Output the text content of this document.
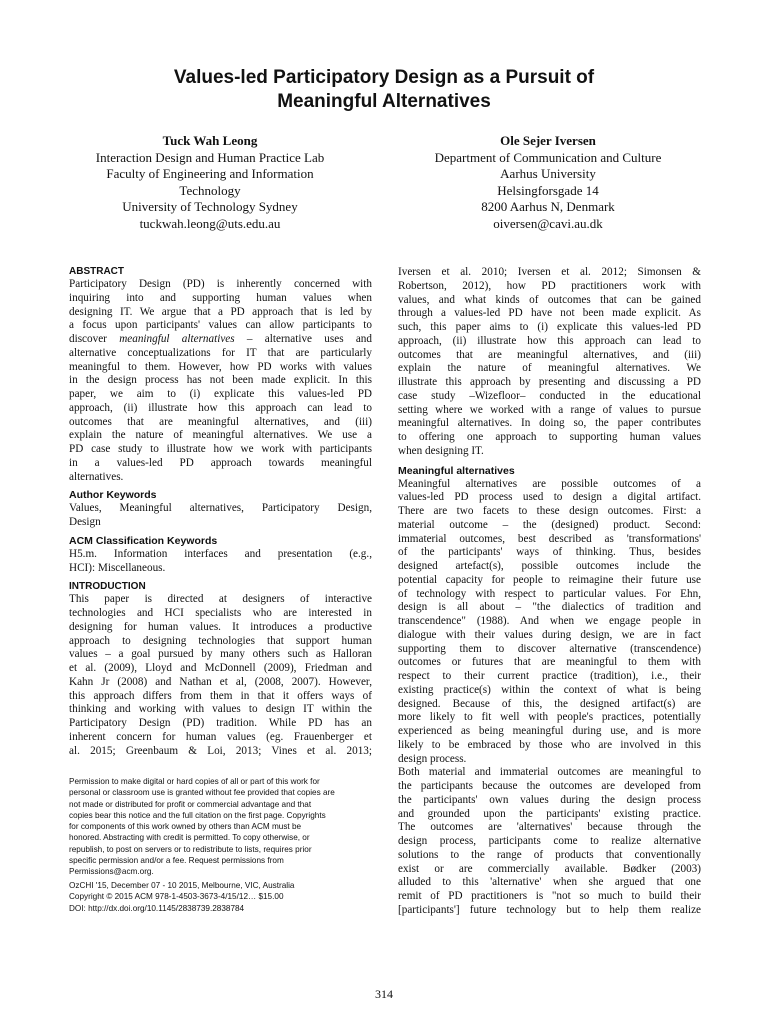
Values-led Participatory Design as a Pursuit of
Meaningful Alternatives
Tuck Wah Leong
Interaction Design and Human Practice Lab
Faculty of Engineering and Information
Technology
University of Technology Sydney
tuckwah.leong@uts.edu.au
Ole Sejer Iversen
Department of Communication and Culture
Aarhus University
Helsingforsgade 14
8200 Aarhus N, Denmark
oiversen@cavi.au.dk
ABSTRACT
Participatory Design (PD) is inherently concerned with
inquiring into and supporting human values when
designing IT. We argue that a PD approach that is led by
a focus upon participants' values can allow participants to
discover meaningful alternatives – alternative uses and
alternative conceptualizations for IT that are particularly
meaningful to them. However, how PD works with values
in the design process has not been made explicit. In this
paper, we aim to (i) explicate this values-led PD
approach, (ii) illustrate how this approach can lead to
outcomes that are meaningful alternatives, and (iii)
explain the nature of meaningful alternatives. We use a
PD case study to illustrate how we work with participants
in a values-led PD approach towards meaningful
alternatives.
Author Keywords
Values, Meaningful alternatives, Participatory Design,
Design
ACM Classification Keywords
H5.m. Information interfaces and presentation (e.g.,
HCI): Miscellaneous.
INTRODUCTION
This paper is directed at designers of interactive
technologies and HCI specialists who are interested in
designing for human values. It introduces a productive
approach to designing technologies that support human
values – a goal pursued by many others such as Halloran
et al. (2009), Lloyd and McDonnell (2009), Friedman and
Kahn Jr (2008) and Nathan et al, (2008, 2007). However,
this approach differs from them in that it offers ways of
thinking and working with values to design IT within the
Participatory Design (PD) tradition. While PD has an
inherent concern for human values (eg. Frauenberger et
al. 2015; Greenbaum & Loi, 2013; Vines et al. 2013;
Permission to make digital or hard copies of all or part of this work for
personal or classroom use is granted without fee provided that copies are
not made or distributed for profit or commercial advantage and that
copies bear this notice and the full citation on the first page. Copyrights
for components of this work owned by others than ACM must be
honored. Abstracting with credit is permitted. To copy otherwise, or
republish, to post on servers or to redistribute to lists, requires prior
specific permission and/or a fee. Request permissions from
Permissions@acm.org.
OzCHI '15, December 07 - 10 2015, Melbourne, VIC, Australia
Copyright © 2015 ACM 978-1-4503-3673-4/15/12… $15.00
DOI: http://dx.doi.org/10.1145/2838739.2838784
Iversen et al. 2010; Iversen et al. 2012; Simonsen &
Robertson, 2012), how PD practitioners work with
values, and what kinds of outcomes that can be gained
through a values-led PD have not been made explicit. As
such, this paper aims to (i) explicate this values-led PD
approach, (ii) illustrate how this approach can lead to
outcomes that are meaningful alternatives, and (iii)
explain the nature of meaningful alternatives. We
illustrate this approach by presenting and discussing a PD
case study –Wizefloor– conducted in the educational
setting where we worked with a range of values to pursue
meaningful alternatives. In doing so, the paper contributes
to offering one approach to supporting human values
when designing IT.
Meaningful alternatives
Meaningful alternatives are possible outcomes of a
values-led PD process used to design a digital artifact.
There are two facets to these design outcomes. First: a
material outcome – the (designed) product. Second:
immaterial outcomes, best described as 'transformations'
of the participants' ways of thinking. Thus, besides
designed artefact(s), possible outcomes include the
potential capacity for people to reimagine their future use
of technology with respect to particular values. For Ehn,
design is all about – "the dialectics of tradition and
transcendence" (1988). And when we engage people in
dialogue with their values during design, we are in fact
supporting them to discover alternative (transcendence)
outcomes or futures that are meaningful to them with
respect to their current practice (tradition), i.e., their
existing practice(s) within the context of what is being
designed. Because of this, the designed artifact(s) are
more likely to fit well with people's practices, potentially
experienced as being meaningful during use, and is more
likely to be embraced by those who are involved in this
design process.
Both material and immaterial outcomes are meaningful to
the participants because the outcomes are developed from
the participants' own values during the design process
and grounded upon the participants' existing practice.
The outcomes are 'alternatives' because through the
design process, participants come to realize alternative
solutions to the range of products that conventionally
exist or are commercially available. Bødker (2003)
alluded to this 'alternative' when she argued that one
remit of PD practitioners is "not so much to build their
[participants'] future technology but to help them realize
314
